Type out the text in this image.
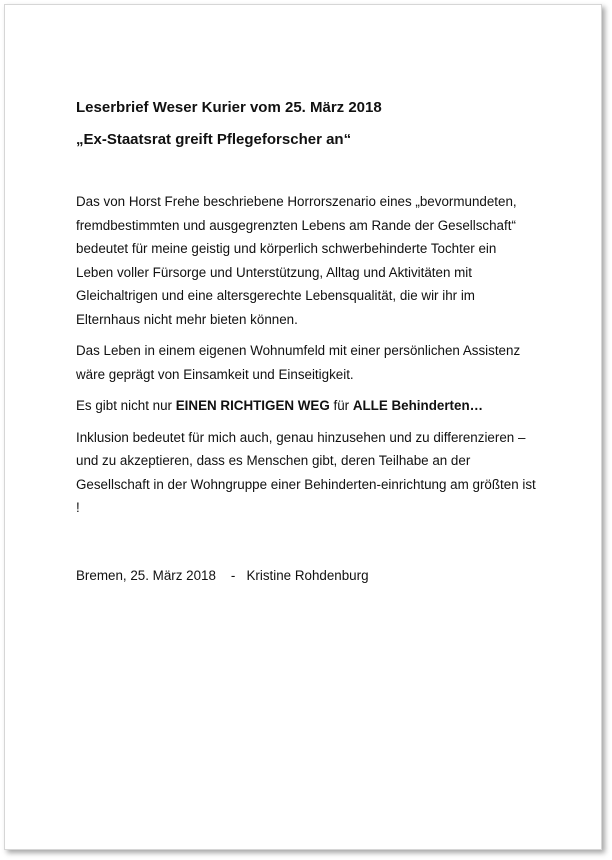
Leserbrief Weser Kurier vom 25. März 2018

„Ex-Staatsrat greift Pflegeforscher an“

Das von Horst Frehe beschriebene Horrorszenario eines „bevormundeten, fremdbestimmten und ausgegrenzten Lebens am Rande der Gesellschaft“ bedeutet für meine geistig und körperlich schwerbehinderte Tochter ein Leben voller Fürsorge und Unterstützung, Alltag und Aktivitäten mit Gleichaltrigen und eine altersgerechte Lebensqualität, die wir ihr im Elternhaus nicht mehr bieten können.

Das Leben in einem eigenen Wohnumfeld mit einer persönlichen Assistenz wäre geprägt von Einsamkeit und Einseitigkeit.

Es gibt nicht nur EINEN RICHTIGEN WEG für ALLE Behinderten…

Inklusion bedeutet für mich auch, genau hinzusehen und zu differenzieren – und zu akzeptieren, dass es Menschen gibt, deren Teilhabe an der Gesellschaft in der Wohngruppe einer Behinderten-einrichtung am größten ist !

Bremen, 25. März 2018    -   Kristine Rohdenburg
